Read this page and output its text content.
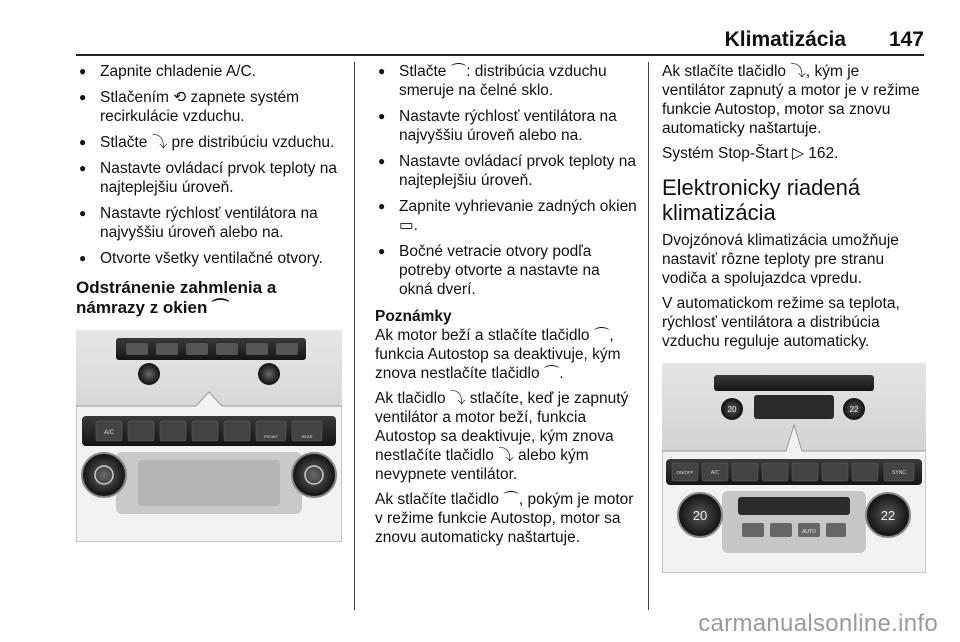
Klimatizácia 147
● Zapnite chladenie A/C.
● Stlačením ⟲ zapnete systém recirkulácie vzduchu.
● Stlačte ⤵ pre distribúciu vzduchu.
● Nastavte ovládací prvok teploty na najteplejšiu úroveň.
● Nastavte rýchlosť ventilátora na najvyššiu úroveň alebo na.
● Otvorte všetky ventilačné otvory.
Odstránenie zahmlenia a námrazy z okien ⌒
A/C
FRONT	REAR
● Stlačte ⌒: distribúcia vzduchu smeruje na čelné sklo.
● Nastavte rýchlosť ventilátora na najvyššiu úroveň alebo na.
● Nastavte ovládací prvok teploty na najteplejšiu úroveň.
● Zapnite vyhrievanie zadných okien ▭.
● Bočné vetracie otvory podľa potreby otvorte a nastavte na okná dverí.
Poznámky

Ak motor beží a stlačíte tlačidlo ⌒, funkcia Autostop sa deaktivuje, kým znova nestlačíte tlačidlo ⌒.

Ak tlačidlo ⤵ stlačíte, keď je zapnutý ventilátor a motor beží, funkcia Autostop sa deaktivuje, kým znova nestlačíte tlačidlo ⤵ alebo kým nevypnete ventilátor.

Ak stlačíte tlačidlo ⌒, pokým je motor v režime funkcie Autostop, motor sa znovu automaticky naštartuje.

Ak stlačíte tlačidlo ⤵, kým je ventilátor zapnutý a motor je v režime funkcie Autostop, motor sa znovu automaticky naštartuje.

Systém Stop-Štart ▷ 162.

Elektronicky riadená klimatizácia

Dvojzónová klimatizácia umožňuje nastaviť rôzne teploty pre stranu vodiča a spolujazdca vpredu.

V automatickom režime sa teplota, rýchlosť ventilátora a distribúcia vzduchu reguluje automaticky.

20	22
ON/OFF	A/C	SYNC
AUTO
20	22
carmanualsonline.info
